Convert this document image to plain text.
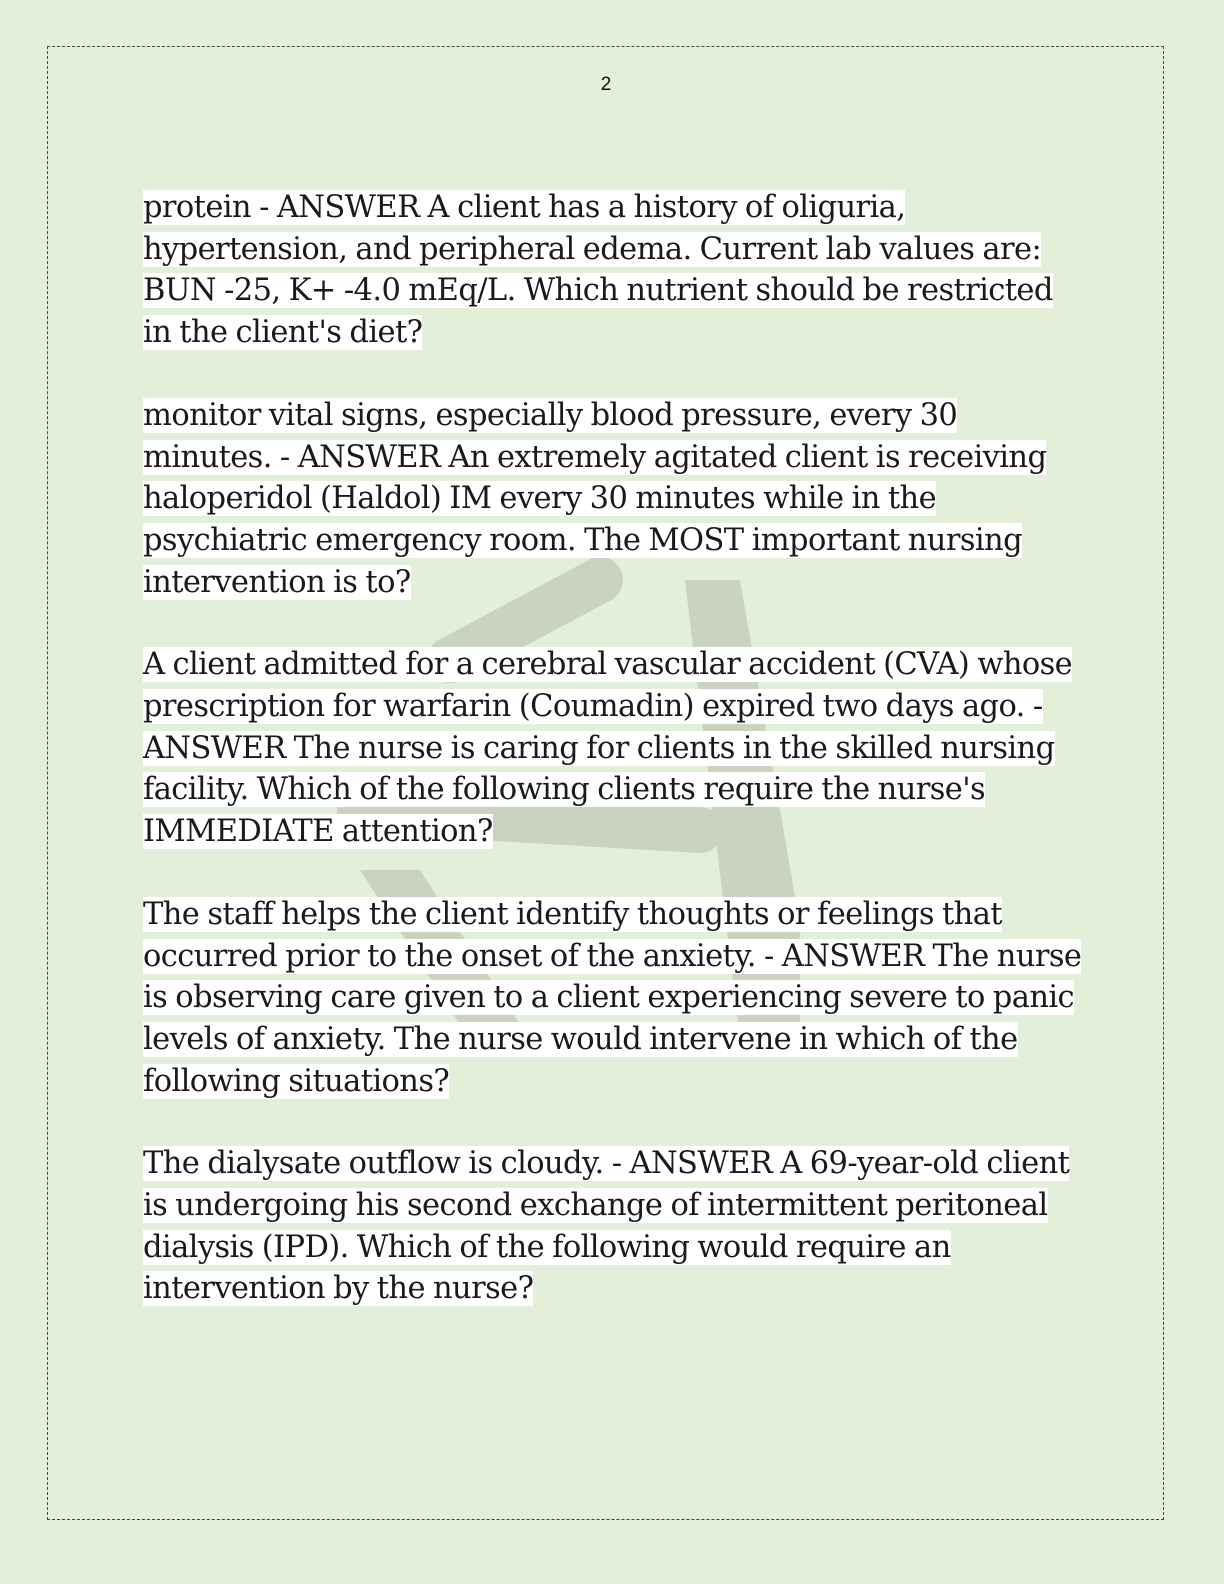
2

protein - ANSWER A client has a history of oliguria, hypertension, and peripheral edema. Current lab values are: BUN -25, K+ -4.0 mEq/L. Which nutrient should be restricted in the client's diet?

monitor vital signs, especially blood pressure, every 30 minutes. - ANSWER An extremely agitated client is receiving haloperidol (Haldol) IM every 30 minutes while in the psychiatric emergency room. The MOST important nursing intervention is to?

A client admitted for a cerebral vascular accident (CVA) whose prescription for warfarin (Coumadin) expired two days ago. - ANSWER The nurse is caring for clients in the skilled nursing facility. Which of the following clients require the nurse's IMMEDIATE attention?

The staff helps the client identify thoughts or feelings that occurred prior to the onset of the anxiety. - ANSWER The nurse is observing care given to a client experiencing severe to panic levels of anxiety. The nurse would intervene in which of the following situations?

The dialysate outflow is cloudy. - ANSWER A 69-year-old client is undergoing his second exchange of intermittent peritoneal dialysis (IPD). Which of the following would require an intervention by the nurse?
